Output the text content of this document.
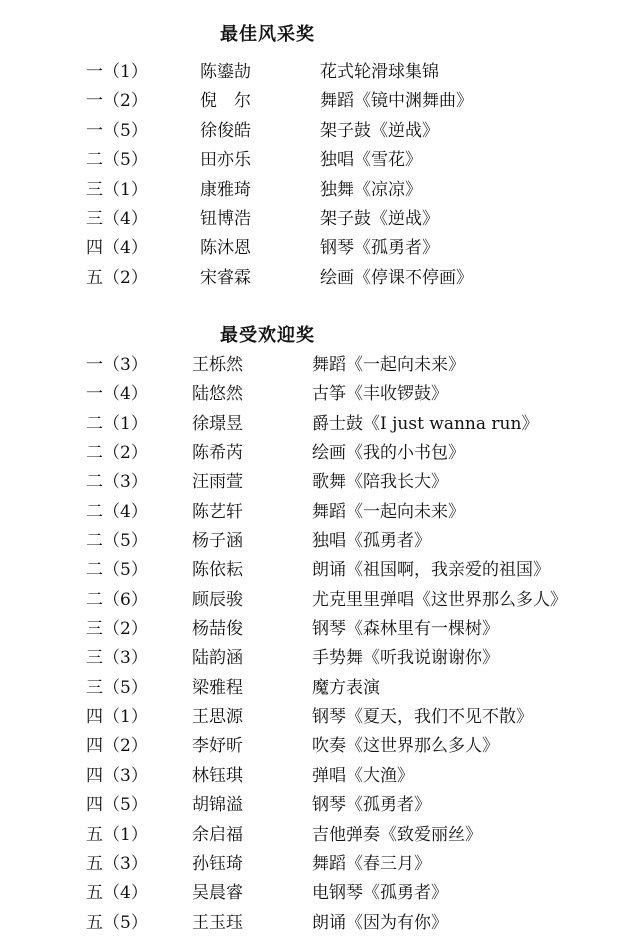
最佳风采奖
一（1）	陈鎏劼	花式轮滑球集锦
一（2）	倪　尔	舞蹈《镜中渊舞曲》
一（5）	徐俊皓	架子鼓《逆战》
二（5）	田亦乐	独唱《雪花》
三（1）	康雅琦	独舞《凉凉》
三（4）	钮博浩	架子鼓《逆战》
四（4）	陈沐恩	钢琴《孤勇者》
五（2）	宋睿霖	绘画《停课不停画》
最受欢迎奖
一（3）	王栎然	舞蹈《一起向未来》
一（4）	陆悠然	古筝《丰收锣鼓》
二（1）	徐璟昱	爵士鼓《I just wanna run》
二（2）	陈希芮	绘画《我的小书包》
二（3）	汪雨萱	歌舞《陪我长大》
二（4）	陈艺轩	舞蹈《一起向未来》
二（5）	杨子涵	独唱《孤勇者》
二（5）	陈依耘	朗诵《祖国啊，我亲爱的祖国》
二（6）	顾辰骏	尤克里里弹唱《这世界那么多人》
三（2）	杨喆俊	钢琴《森林里有一棵树》
三（3）	陆韵涵	手势舞《听我说谢谢你》
三（5）	梁雅程	魔方表演
四（1）	王思源	钢琴《夏天，我们不见不散》
四（2）	李妤昕	吹奏《这世界那么多人》
四（3）	林钰琪	弹唱《大渔》
四（5）	胡锦溢	钢琴《孤勇者》
五（1）	余启福	吉他弹奏《致爱丽丝》
五（3）	孙钰琦	舞蹈《春三月》
五（4）	吴晨睿	电钢琴《孤勇者》
五（5）	王玉珏	朗诵《因为有你》
